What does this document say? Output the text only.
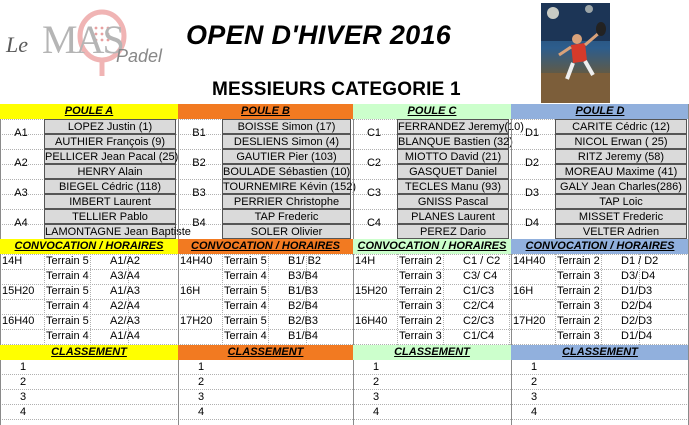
Le MAS
Padel
OPEN D'HIVER 2016
MESSIEURS CATEGORIE 1
POULE A
A1	LOPEZ Justin (1)
AUTHIER François (9)
A2	PELLICER Jean Pacal (25)
HENRY Alain
A3	BIEGEL Cédric (118)
IMBERT Laurent
A4	TELLIER Pablo
LAMONTAGNE Jean Baptiste
CONVOCATION / HORAIRES
14H	Terrain 5	A1/A2
Terrain 4	A3/A4
15H20	Terrain 5	A1/A3
Terrain 4	A2/A4
16H40	Terrain 5	A2/A3
Terrain 4	A1/A4
CLASSEMENT
1
2
3
4
POULE B
B1	BOISSE Simon (17)
DESLIENS Simon (4)
B2	GAUTIER Pier (103)
BOULADE Sébastien (10)
B3	TOURNEMIRE Kévin (152)
PERRIER Christophe
B4	TAP Frederic
SOLER Olivier
CONVOCATION / HORAIRES
14H40	Terrain 5	B1/ B2
Terrain 4	B3/B4
16H	Terrain 5	B1/B3
Terrain 4	B2/B4
17H20	Terrain 5	B2/B3
Terrain 4	B1/B4
CLASSEMENT
1
2
3
4
POULE C
C1	FERRANDEZ Jeremy(10)
BLANQUE Bastien (32)
C2	MIOTTO David (21)
GASQUET Daniel
C3	TECLES Manu (93)
GNISS Pascal
C4	PLANES Laurent
PEREZ Dario
CONVOCATION / HORAIRES
14H	Terrain 2	C1 / C2
Terrain 3	C3/ C4
15H20	Terrain 2	C1/C3
Terrain 3	C2/C4
16H40	Terrain 2	C2/C3
Terrain 3	C1/C4
CLASSEMENT
1
2
3
4
POULE D
D1	CARITE Cédric (12)
NICOL Erwan ( 25)
D2	RITZ Jeremy (58)
MOREAU Maxime (41)
D3	GALY Jean Charles(286)
TAP Loic
D4	MISSET Frederic
VELTER Adrien
CONVOCATION / HORAIRES
14H40	Terrain 2	D1 / D2
Terrain 3	D3/ D4
16H	Terrain 2	D1/D3
Terrain 3	D2/D4
17H20	Terrain 2	D2/D3
Terrain 3	D1/D4
CLASSEMENT
1
2
3
4
